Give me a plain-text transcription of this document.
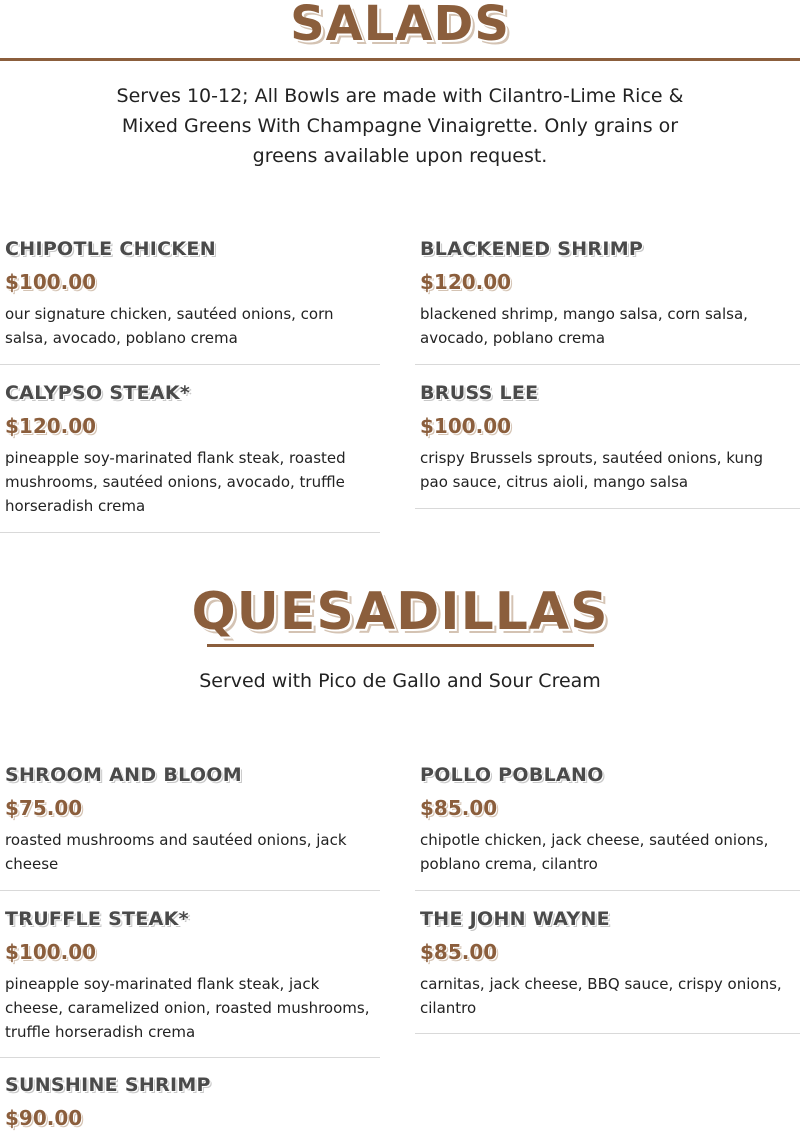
SALADS

Serves 10-12; All Bowls are made with Cilantro-Lime Rice & Mixed Greens With Champagne Vinaigrette. Only grains or greens available upon request.

CHIPOTLE CHICKEN
$100.00
our signature chicken, sautéed onions, corn salsa, avocado, poblano crema
BLACKENED SHRIMP
$120.00
blackened shrimp, mango salsa, corn salsa, avocado, poblano crema
CALYPSO STEAK*
$120.00
pineapple soy-marinated flank steak, roasted mushrooms, sautéed onions, avocado, truffle horseradish crema
BRUSS LEE
$100.00
crispy Brussels sprouts, sautéed onions, kung pao sauce, citrus aioli, mango salsa
QUESADILLAS

Served with Pico de Gallo and Sour Cream

SHROOM AND BLOOM
$75.00
roasted mushrooms and sautéed onions, jack cheese
POLLO POBLANO
$85.00
chipotle chicken, jack cheese, sautéed onions, poblano crema, cilantro
TRUFFLE STEAK*
$100.00
pineapple soy-marinated flank steak, jack cheese, caramelized onion, roasted mushrooms, truffle horseradish crema
THE JOHN WAYNE
$85.00
carnitas, jack cheese, BBQ sauce, crispy onions, cilantro
SUNSHINE SHRIMP
$90.00
